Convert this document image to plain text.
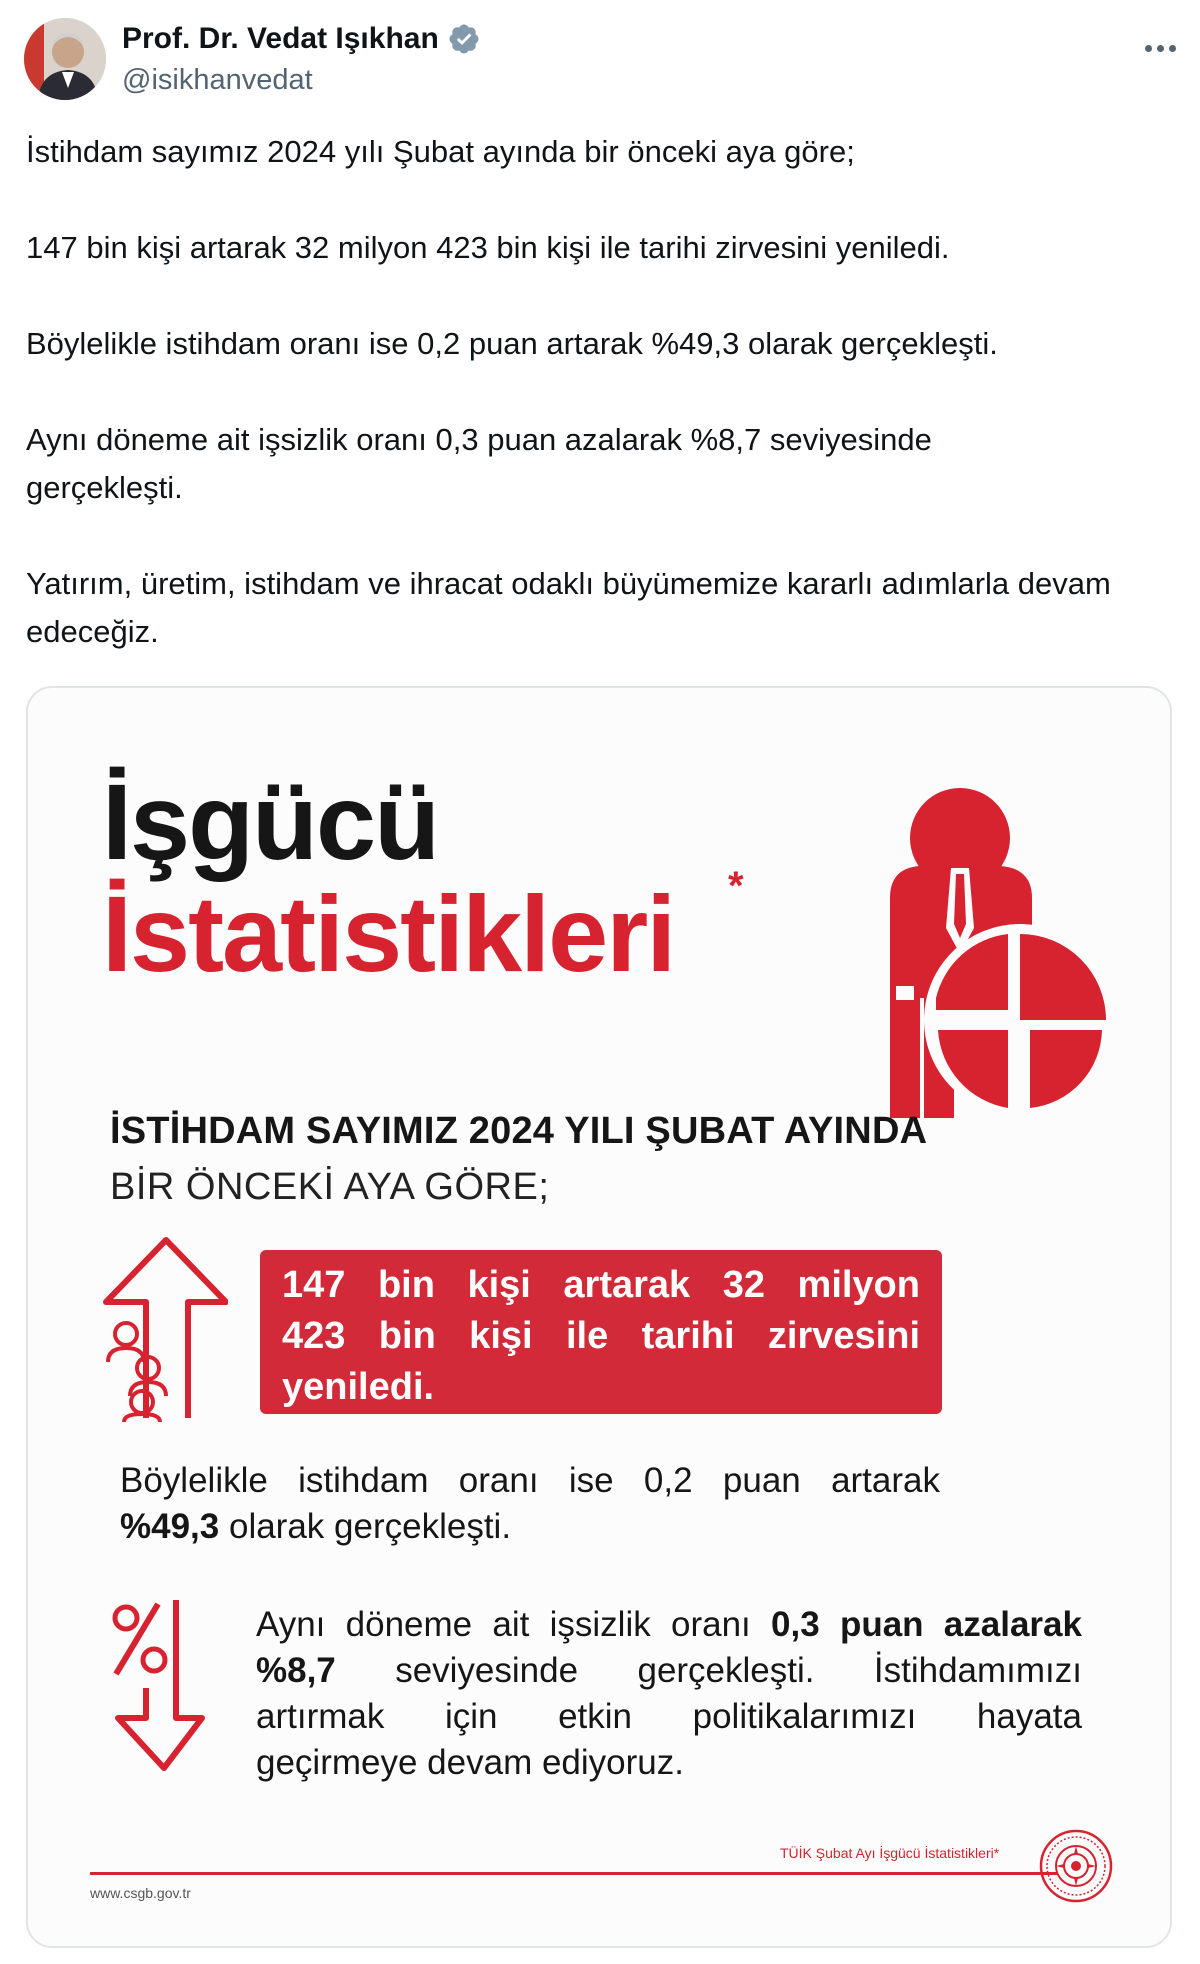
Prof. Dr. Vedat Işıkhan
@isikhanvedat

İstihdam sayımız 2024 yılı Şubat ayında bir önceki aya göre;

147 bin kişi artarak 32 milyon 423 bin kişi ile tarihi zirvesini yeniledi.

Böylelikle istihdam oranı ise 0,2 puan artarak %49,3 olarak gerçekleşti.

Aynı döneme ait işsizlik oranı 0,3 puan azalarak %8,7 seviyesinde gerçekleşti.

Yatırım, üretim, istihdam ve ihracat odaklı büyümemize kararlı adımlarla devam edeceğiz.

İşgücü
İstatistikleri *
İSTİHDAM SAYIMIZ 2024 YILI ŞUBAT AYINDA
BİR ÖNCEKİ AYA GÖRE;
147 bin kişi artarak 32 milyon
423 bin kişi ile tarihi zirvesini
yeniledi.
Böylelikle istihdam oranı ise 0,2 puan artarak
%49,3 olarak gerçekleşti.
Aynı döneme ait işsizlik oranı 0,3 puan azalarak
%8,7 seviyesinde gerçekleşti. İstihdamımızı
artırmak için etkin politikalarımızı hayata
geçirmeye devam ediyoruz.
TÜİK Şubat Ayı İşgücü İstatistikleri*
www.csgb.gov.tr
